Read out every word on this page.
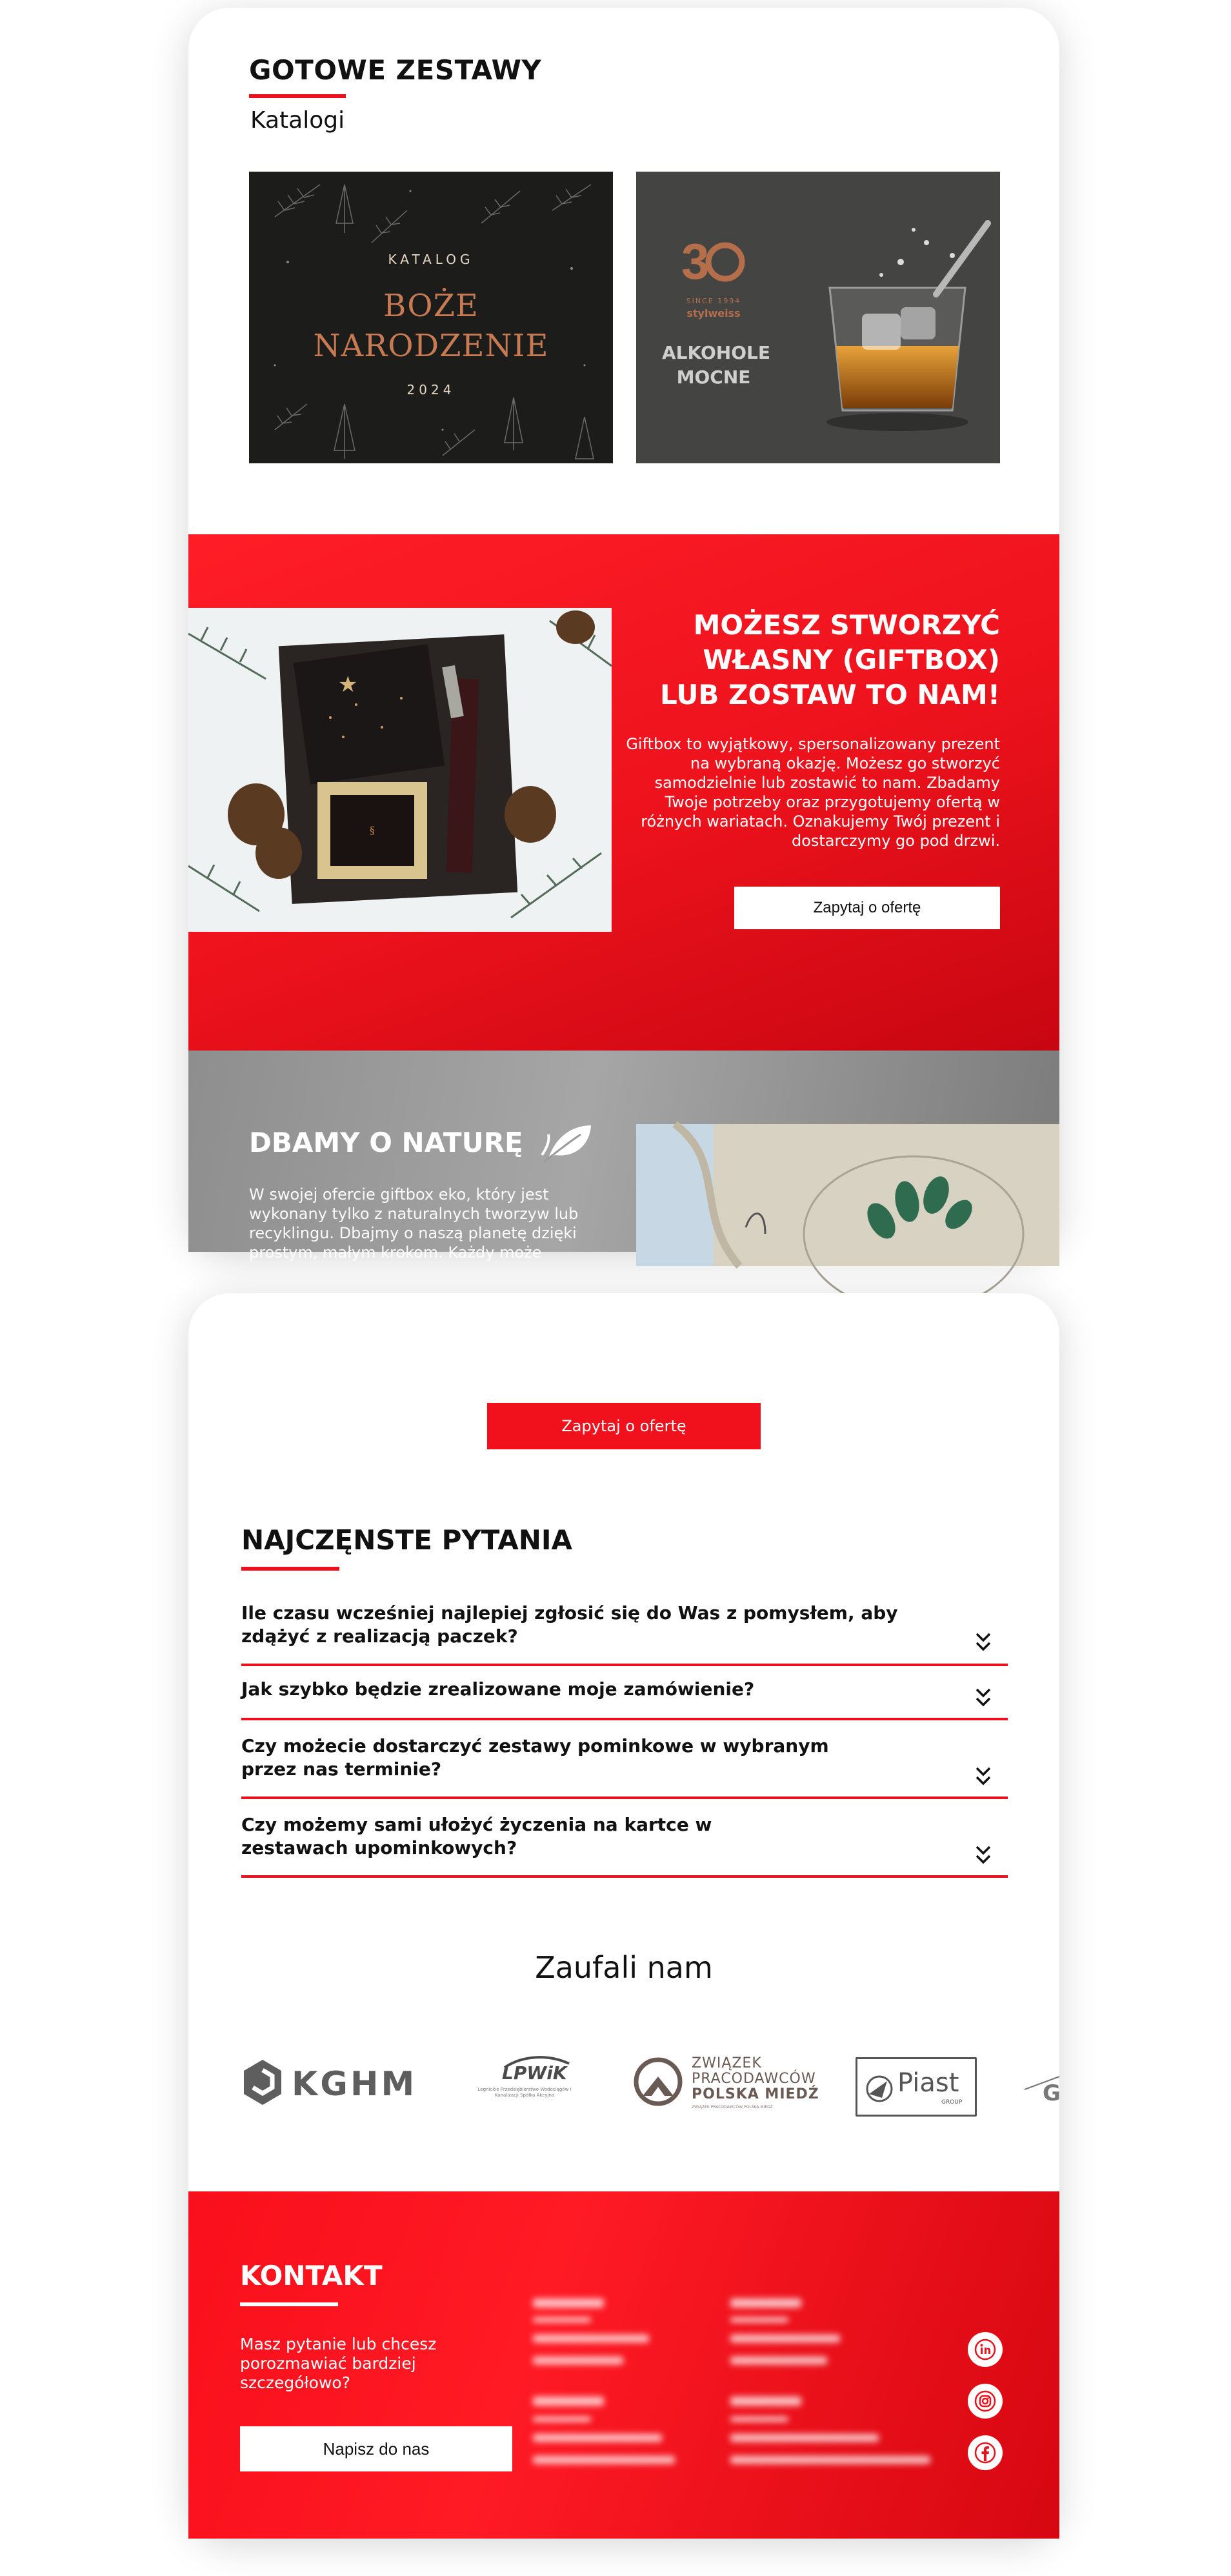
GOTOWE ZESTAWY
Katalogi
KATALOG
BOŻE
NARODZENIE
2024
3
SINCE 1994
stylweiss
ALKOHOLE
MOCNE
★
§
MOŻESZ STWORZYĆ
WŁASNY (GIFTBOX)
LUB ZOSTAW TO NAM!
Giftbox to wyjątkowy, spersonalizowany prezent na wybraną okazję. Możesz go stworzyć samodzielnie lub zostawić to nam. Zbadamy Twoje potrzeby oraz przygotujemy ofertą w różnych wariatach. Oznakujemy Twój prezent i dostarczymy go pod drzwi.
Zapytaj o ofertę
DBAMY O NATURĘ
W swojej ofercie giftbox eko, który jest wykonany tylko z naturalnych tworzyw lub recyklingu. Dbajmy o naszą planetę dzięki prostym, małym krokom. Każdy może
Zapytaj o ofertę
NAJCZĘNSTE PYTANIA
Ile czasu wcześniej najlepiej zgłosić się do Was z pomysłem, aby zdążyć z realizacją paczek?
Jak szybko będzie zrealizowane moje zamówienie?
Czy możecie dostarczyć zestawy pominkowe w wybranym przez nas terminie?
Czy możemy sami ułożyć życzenia na kartce w zestawach upominkowych?
Zaufali nam
KGHM	LPWiK
Legnickie Przedsiębiorstwo Wodociągów i Kanalizacji Spółka Akcyjna
ZWIĄZEK
PRACODAWCÓW
POLSKA MIEDŹ
ZWIĄZEK PRACODAWCÓW POLSKA MIEDŹ
Piast
GROUP	G
KONTAKT
Masz pytanie lub chcesz porozmawiać bardziej szczegółowo?
Napisz do nas
